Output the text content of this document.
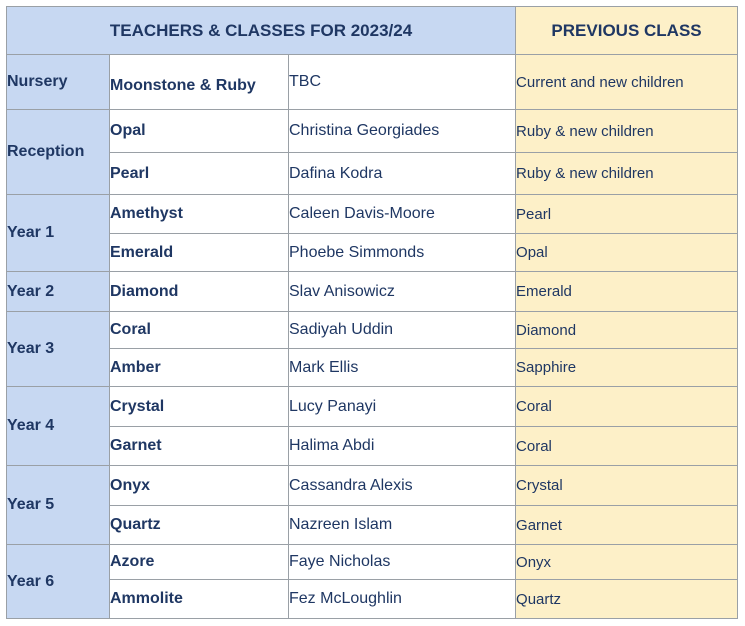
TEACHERS & CLASSES FOR 2023/24			PREVIOUS CLASS
Nursery	Moonstone & Ruby	TBC	Current and new children
Reception	Opal	Christina Georgiades	Ruby & new children
	Pearl	Dafina Kodra	Ruby & new children
Year 1	Amethyst	Caleen Davis-Moore	Pearl
	Emerald	Phoebe Simmonds	Opal
Year 2	Diamond	Slav Anisowicz	Emerald
Year 3	Coral	Sadiyah Uddin	Diamond
	Amber	Mark Ellis	Sapphire
Year 4	Crystal	Lucy Panayi	Coral
	Garnet	Halima Abdi	Coral
Year 5	Onyx	Cassandra Alexis	Crystal
	Quartz	Nazreen Islam	Garnet
Year 6	Azore	Faye Nicholas	Onyx
	Ammolite	Fez McLoughlin	Quartz
